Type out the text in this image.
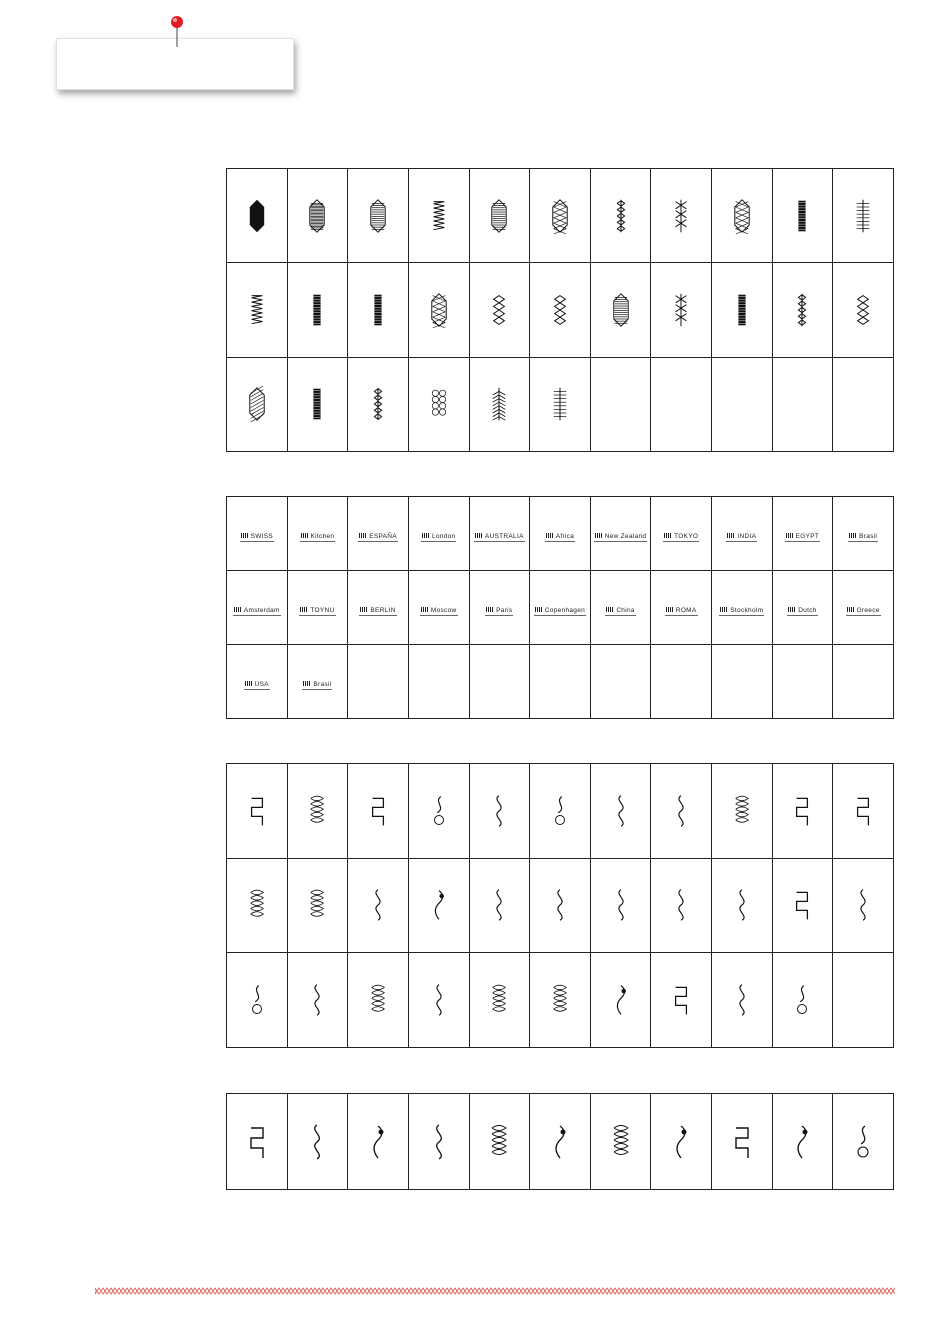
SWISS	Kitchen	ESPAÑA	London	AUSTRALIA	Africa	New Zealand	TOKYO	INDIA	EGYPT	Brasil
Amsterdam	TOYNU	BERLIN	Moscow	Paris	Copenhagen	China	ROMA	Stockholm	Dutch	Greece
USA	Brasil									
